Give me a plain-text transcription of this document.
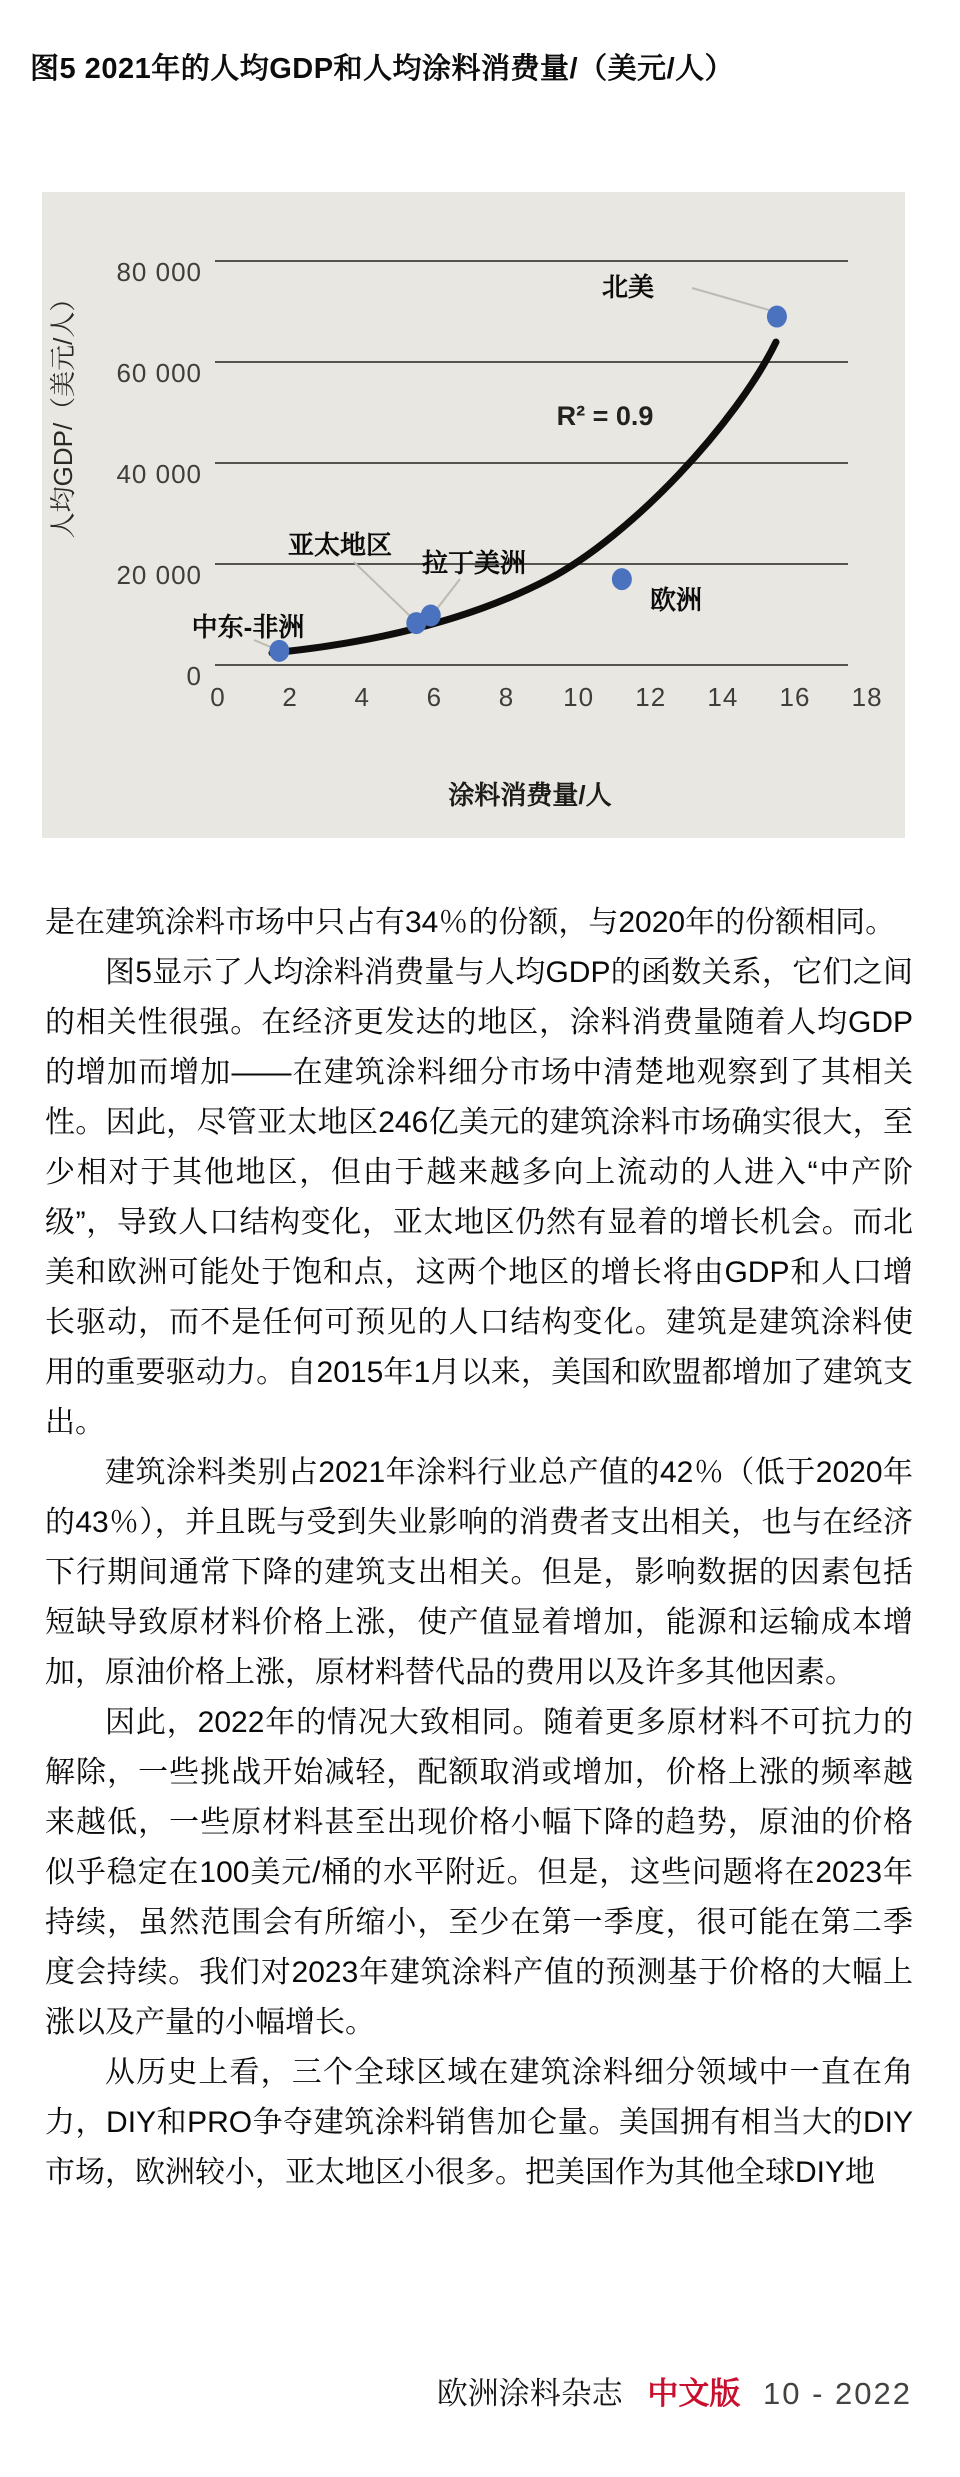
图5 2021年的人均GDP和人均涂料消费量/（美元/人）
0
20 000
40 000
60 000
80 000
0 2 4 6 8 10 12 14 16 18
涂料消费量/人
人均GDP/（美元/人）	R² = 0.9
中东-非洲
亚太地区
拉丁美洲
欧洲
北美

是在建筑涂料市场中只占有34％的份额，与2020年的份额相同。

图5显示了人均涂料消费量与人均GDP的函数关系，它们之间的相关性很强。在经济更发达的地区，涂料消费量随着人均GDP的增加而增加——在建筑涂料细分市场中清楚地观察到了其相关性。因此，尽管亚太地区246亿美元的建筑涂料市场确实很大，至少相对于其他地区，但由于越来越多向上流动的人进入“中产阶级”，导致人口结构变化，亚太地区仍然有显着的增长机会。而北美和欧洲可能处于饱和点，这两个地区的增长将由GDP和人口增长驱动，而不是任何可预见的人口结构变化。建筑是建筑涂料使用的重要驱动力。自2015年1月以来，美国和欧盟都增加了建筑支出。

建筑涂料类别占2021年涂料行业总产值的42％（低于2020年的43％），并且既与受到失业影响的消费者支出相关，也与在经济下行期间通常下降的建筑支出相关。但是，影响数据的因素包括短缺导致原材料价格上涨，使产值显着增加，能源和运输成本增加，原油价格上涨，原材料替代品的费用以及许多其他因素。

因此，2022年的情况大致相同。随着更多原材料不可抗力的解除，一些挑战开始减轻，配额取消或增加，价格上涨的频率越来越低，一些原材料甚至出现价格小幅下降的趋势，原油的价格似乎稳定在100美元/桶的水平附近。但是，这些问题将在2023年持续，虽然范围会有所缩小，至少在第一季度，很可能在第二季度会持续。我们对2023年建筑涂料产值的预测基于价格的大幅上涨以及产量的小幅增长。

从历史上看，三个全球区域在建筑涂料细分领域中一直在角力，DIY和PRO争夺建筑涂料销售加仑量。美国拥有相当大的DIY市场，欧洲较小，亚太地区小很多。把美国作为其他全球DIY地

欧洲涂料杂志 中文版 10 - 2022
